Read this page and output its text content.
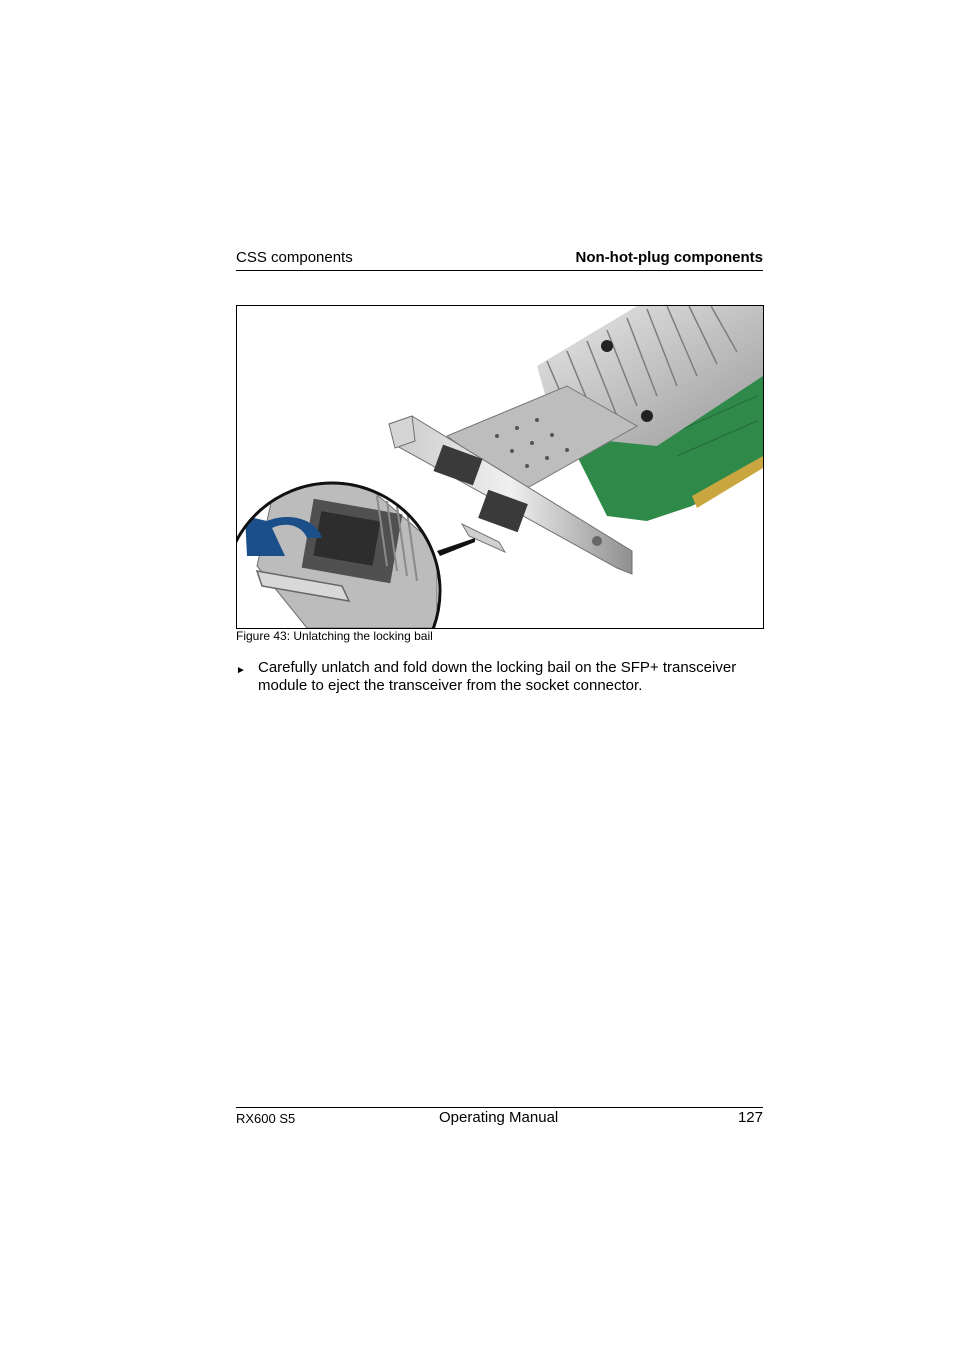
CSS components	Non-hot-plug components
Figure 43: Unlatching the locking bail
► Carefully unlatch and fold down the locking bail on the SFP+ transceiver module to eject the transceiver from the socket connector.
RX600 S5	Operating Manual	127
